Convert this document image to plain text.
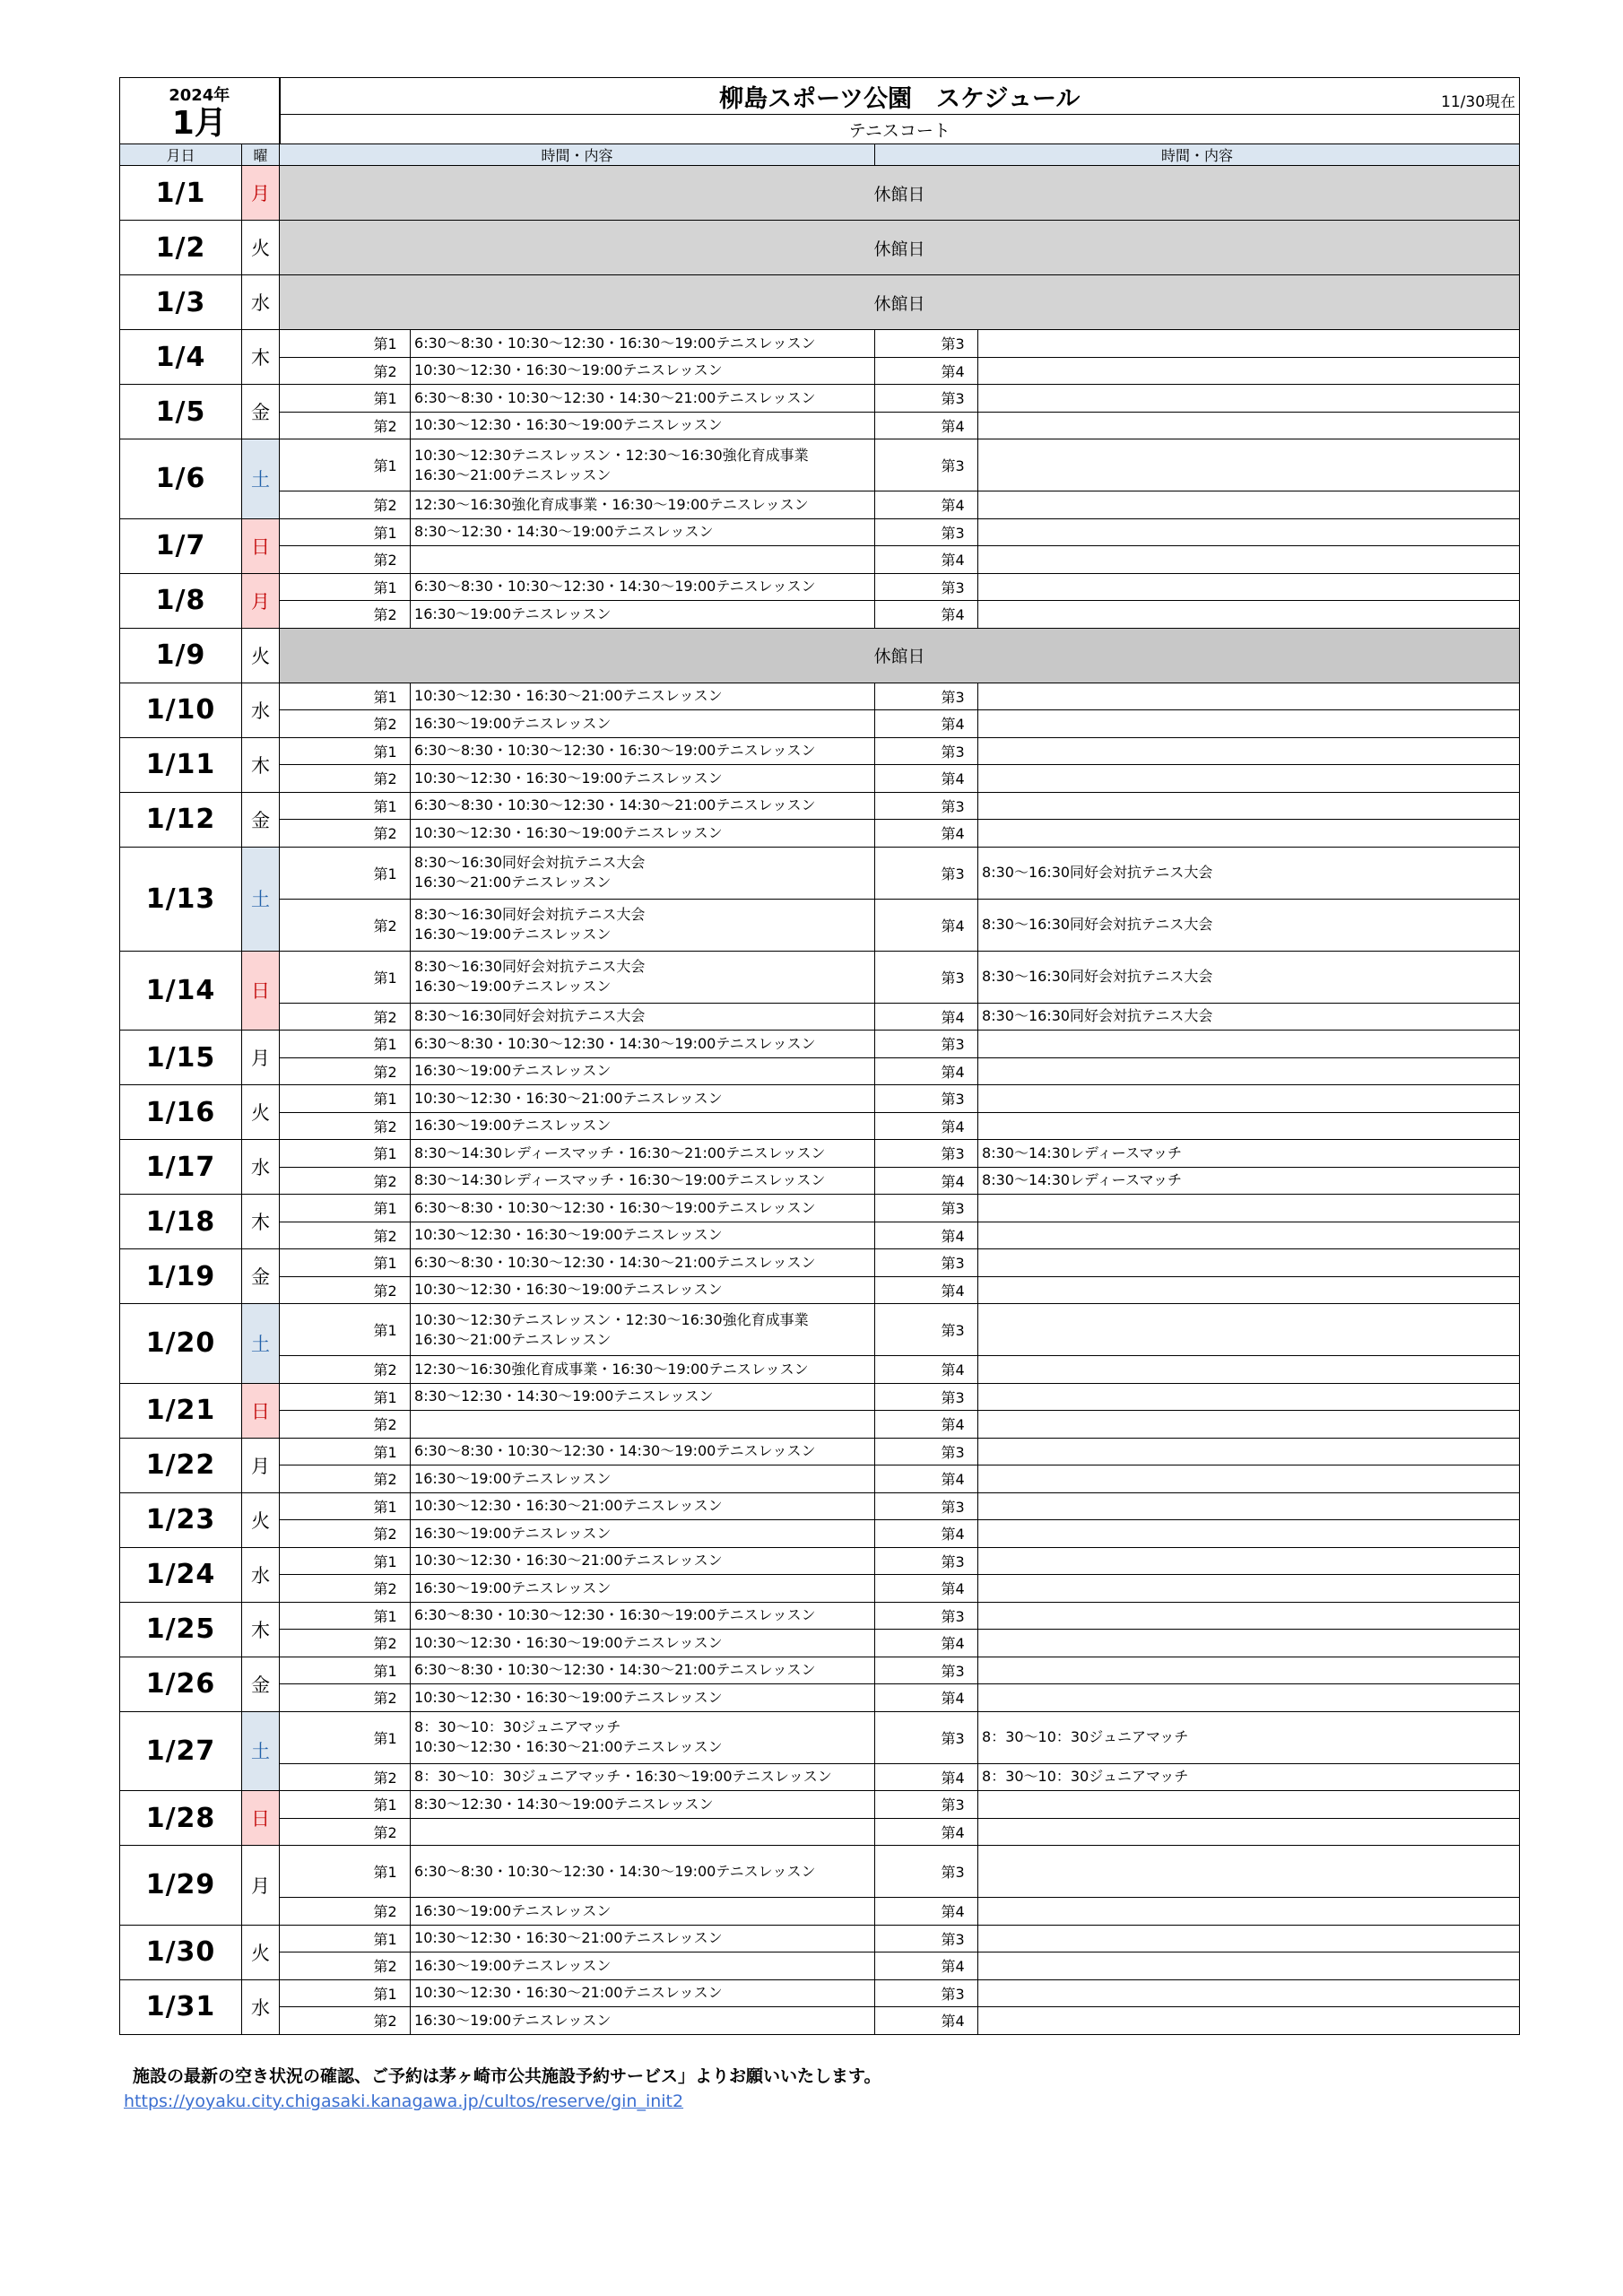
2024年
1月		柳島スポーツ公園　スケジュール 11/30現在					

		テニスコート					
月日	曜	時間・内容			時間・内容		
1/1	月	休館日					
1/2	火	休館日					
1/3	水	休館日					
1/4	木		第1	6:30〜8:30・10:30〜12:30・16:30〜19:00テニスレッスン		第3	
			第2	10:30〜12:30・16:30〜19:00テニスレッスン		第4	
1/5	金		第1	6:30〜8:30・10:30〜12:30・14:30〜21:00テニスレッスン		第3	
			第2	10:30〜12:30・16:30〜19:00テニスレッスン		第4	
1/6	土		第1	10:30〜12:30テニスレッスン・12:30〜16:30強化育成事業
16:30〜21:00テニスレッスン		第3	
			第2	12:30〜16:30強化育成事業・16:30〜19:00テニスレッスン		第4	
1/7	日		第1	8:30〜12:30・14:30〜19:00テニスレッスン		第3	
			第2			第4	
1/8	月		第1	6:30〜8:30・10:30〜12:30・14:30〜19:00テニスレッスン		第3	
			第2	16:30〜19:00テニスレッスン		第4	
1/9	火	休館日					
1/10	水		第1	10:30〜12:30・16:30〜21:00テニスレッスン		第3	
			第2	16:30〜19:00テニスレッスン		第4	
1/11	木		第1	6:30〜8:30・10:30〜12:30・16:30〜19:00テニスレッスン		第3	
			第2	10:30〜12:30・16:30〜19:00テニスレッスン		第4	
1/12	金		第1	6:30〜8:30・10:30〜12:30・14:30〜21:00テニスレッスン		第3	
			第2	10:30〜12:30・16:30〜19:00テニスレッスン		第4	
1/13	土		第1	8:30〜16:30同好会対抗テニス大会
16:30〜21:00テニスレッスン		第3	8:30〜16:30同好会対抗テニス大会
			第2	8:30〜16:30同好会対抗テニス大会
16:30〜19:00テニスレッスン		第4	8:30〜16:30同好会対抗テニス大会
1/14	日		第1	8:30〜16:30同好会対抗テニス大会
16:30〜19:00テニスレッスン		第3	8:30〜16:30同好会対抗テニス大会
			第2	8:30〜16:30同好会対抗テニス大会		第4	8:30〜16:30同好会対抗テニス大会
1/15	月		第1	6:30〜8:30・10:30〜12:30・14:30〜19:00テニスレッスン		第3	
			第2	16:30〜19:00テニスレッスン		第4	
1/16	火		第1	10:30〜12:30・16:30〜21:00テニスレッスン		第3	
			第2	16:30〜19:00テニスレッスン		第4	
1/17	水		第1	8:30〜14:30レディースマッチ・16:30〜21:00テニスレッスン		第3	8:30〜14:30レディースマッチ
			第2	8:30〜14:30レディースマッチ・16:30〜19:00テニスレッスン		第4	8:30〜14:30レディースマッチ
1/18	木		第1	6:30〜8:30・10:30〜12:30・16:30〜19:00テニスレッスン		第3	
			第2	10:30〜12:30・16:30〜19:00テニスレッスン		第4	
1/19	金		第1	6:30〜8:30・10:30〜12:30・14:30〜21:00テニスレッスン		第3	
			第2	10:30〜12:30・16:30〜19:00テニスレッスン		第4	
1/20	土		第1	10:30〜12:30テニスレッスン・12:30〜16:30強化育成事業
16:30〜21:00テニスレッスン		第3	
			第2	12:30〜16:30強化育成事業・16:30〜19:00テニスレッスン		第4	
1/21	日		第1	8:30〜12:30・14:30〜19:00テニスレッスン		第3	
			第2			第4	
1/22	月		第1	6:30〜8:30・10:30〜12:30・14:30〜19:00テニスレッスン		第3	
			第2	16:30〜19:00テニスレッスン		第4	
1/23	火		第1	10:30〜12:30・16:30〜21:00テニスレッスン		第3	
			第2	16:30〜19:00テニスレッスン		第4	
1/24	水		第1	10:30〜12:30・16:30〜21:00テニスレッスン		第3	
			第2	16:30〜19:00テニスレッスン		第4	
1/25	木		第1	6:30〜8:30・10:30〜12:30・16:30〜19:00テニスレッスン		第3	
			第2	10:30〜12:30・16:30〜19:00テニスレッスン		第4	
1/26	金		第1	6:30〜8:30・10:30〜12:30・14:30〜21:00テニスレッスン		第3	
			第2	10:30〜12:30・16:30〜19:00テニスレッスン		第4	
1/27	土		第1	8：30〜10：30ジュニアマッチ
10:30〜12:30・16:30〜21:00テニスレッスン		第3	8：30〜10：30ジュニアマッチ
			第2	8：30〜10：30ジュニアマッチ・16:30〜19:00テニスレッスン		第4	8：30〜10：30ジュニアマッチ
1/28	日		第1	8:30〜12:30・14:30〜19:00テニスレッスン		第3	
			第2			第4	
1/29	月		第1	6:30〜8:30・10:30〜12:30・14:30〜19:00テニスレッスン		第3	
			第2	16:30〜19:00テニスレッスン		第4	
1/30	火		第1	10:30〜12:30・16:30〜21:00テニスレッスン		第3	
			第2	16:30〜19:00テニスレッスン		第4	
1/31	水		第1	10:30〜12:30・16:30〜21:00テニスレッスン		第3	
			第2	16:30〜19:00テニスレッスン		第4	
施設の最新の空き状況の確認、ご予約は茅ヶ崎市公共施設予約サービス」よりお願いいたします。
https://yoyaku.city.chigasaki.kanagawa.jp/cultos/reserve/gin_init2
